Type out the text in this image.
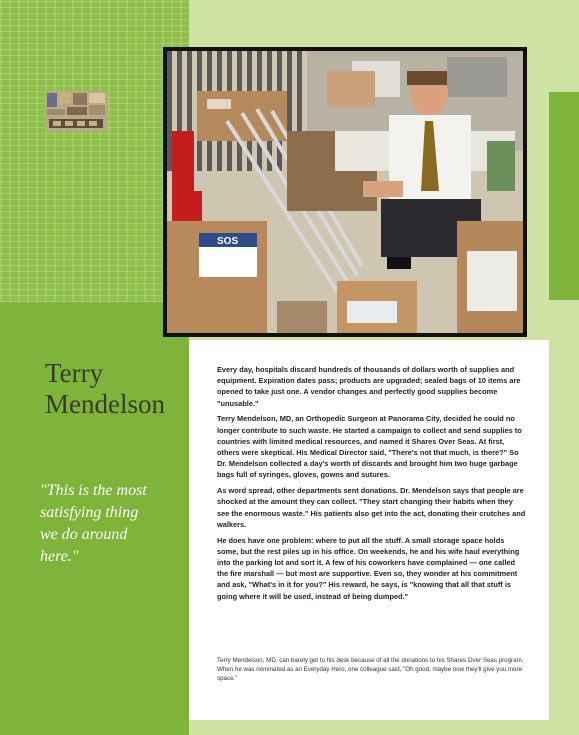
SOS
Terry
Mendelson
"This is the most
satisfying thing
we do around
here."

Every day, hospitals discard hundreds of thousands of dollars worth of supplies and equipment. Expiration dates pass; products are upgraded; sealed bags of 10 items are opened to take just one. A vendor changes and perfectly good supplies become "unusable."

Terry Mendelson, MD, an Orthopedic Surgeon at Panorama City, decided he could no longer contribute to such waste. He started a campaign to collect and send supplies to countries with limited medical resources, and named it Shares Over Seas. At first, others were skeptical. His Medical Director said, "There's not that much, is there?" So Dr. Mendelson collected a day's worth of discards and brought him two huge garbage bags full of syringes, gloves, gowns and sutures.

As word spread, other departments sent donations. Dr. Mendelson says that people are shocked at the amount they can collect. "They start changing their habits when they see the enormous waste." His patients also get into the act, donating their crutches and walkers.

He does have one problem: where to put all the stuff. A small storage space holds some, but the rest piles up in his office. On weekends, he and his wife haul everything into the parking lot and sort it. A few of his coworkers have complained — one called the fire marshall — but most are supportive. Even so, they wonder at his commitment and ask, "What's in it for you?" His reward, he says, is "knowing that all that stuff is going where it will be used, instead of being dumped."

Terry Mendelson, MD, can barely get to his desk because of all the donations to his Shares Over Seas program. When he was nominated as an Everyday Hero, one colleague said, "Oh good, maybe now they'll give you more space."
